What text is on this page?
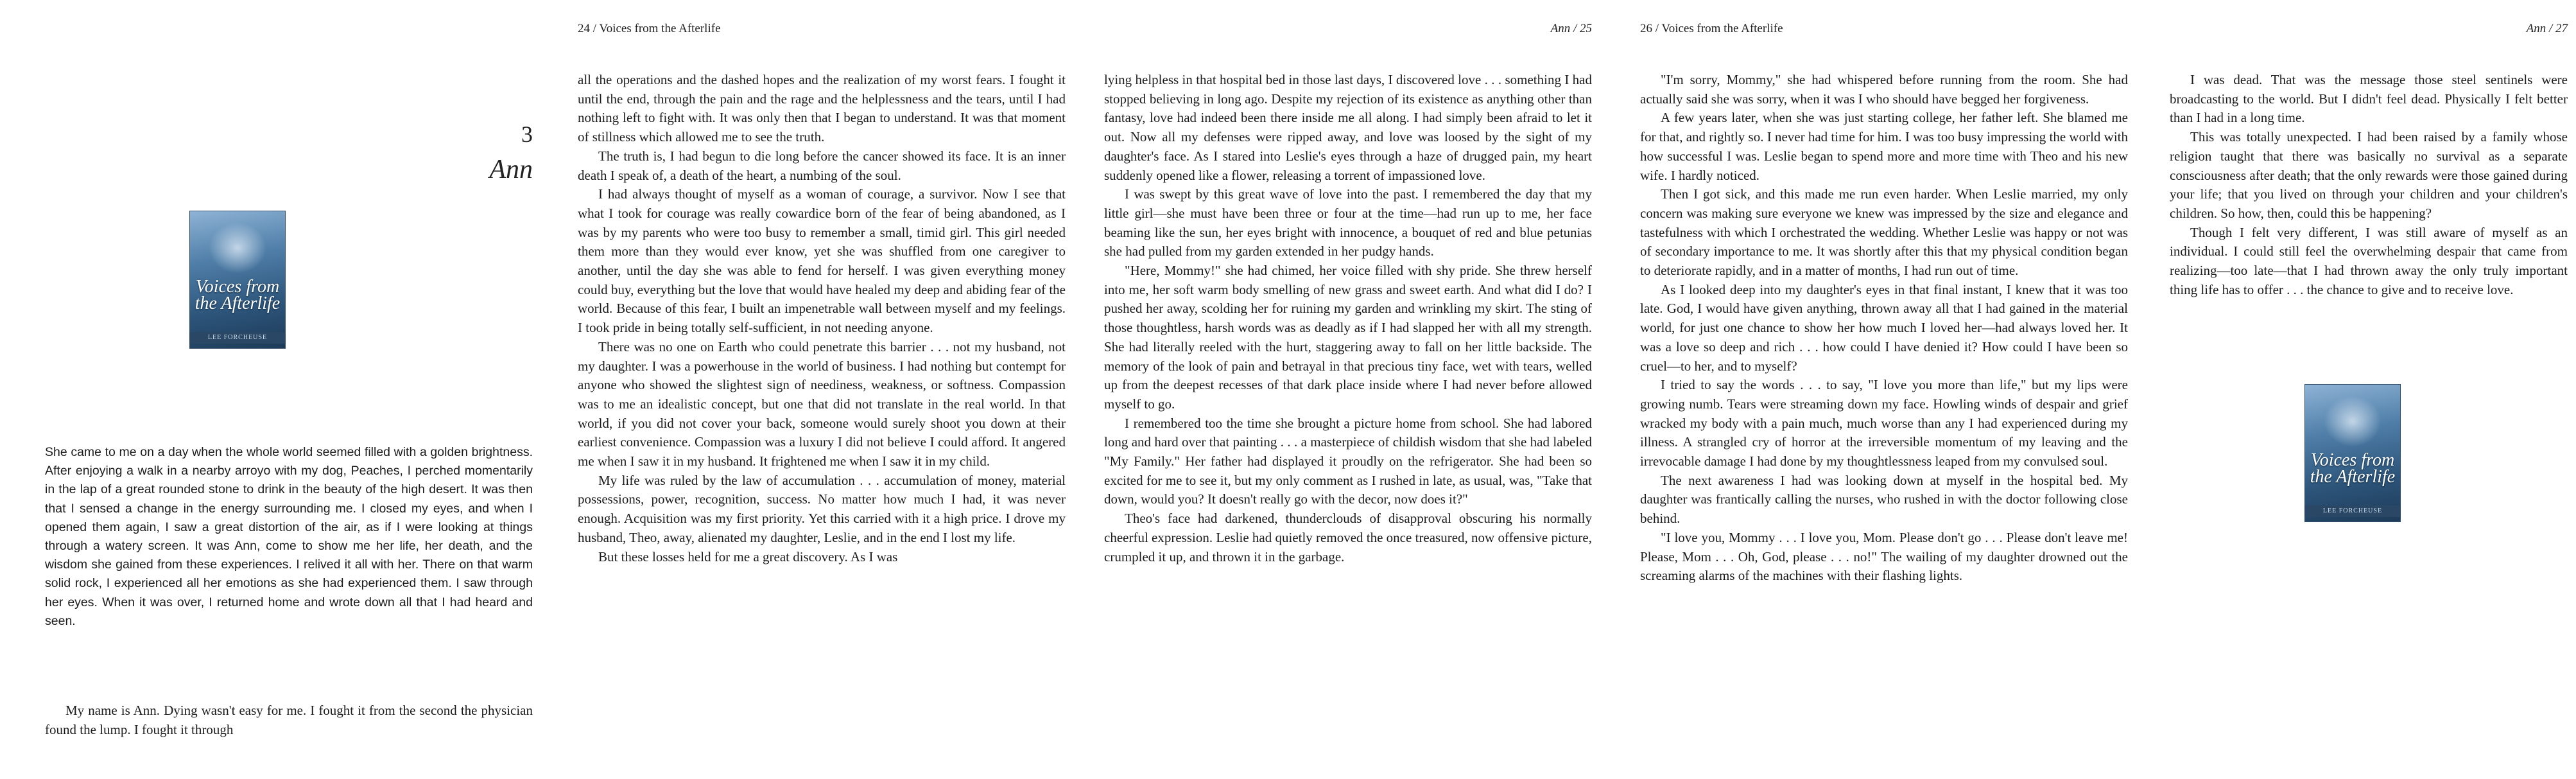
3
Ann
Voices from the Afterlife
LEE FORCHEUSE

She came to me on a day when the whole world seemed filled with a golden brightness. After enjoying a walk in a nearby arroyo with my dog, Peaches, I perched momentarily in the lap of a great rounded stone to drink in the beauty of the high desert. It was then that I sensed a change in the energy surrounding me. I closed my eyes, and when I opened them again, I saw a great distortion of the air, as if I were looking at things through a watery screen. It was Ann, come to show me her life, her death, and the wisdom she gained from these experiences. I relived it all with her. There on that warm solid rock, I experienced all her emotions as she had experienced them. I saw through her eyes. When it was over, I returned home and wrote down all that I had heard and seen.

My name is Ann. Dying wasn't easy for me. I fought it from the second the physician found the lump. I fought it through

24 / Voices from the Afterlife

all the operations and the dashed hopes and the realization of my worst fears. I fought it until the end, through the pain and the rage and the helplessness and the tears, until I had nothing left to fight with. It was only then that I began to understand. It was that moment of stillness which allowed me to see the truth.

The truth is, I had begun to die long before the cancer showed its face. It is an inner death I speak of, a death of the heart, a numbing of the soul.

I had always thought of myself as a woman of courage, a survivor. Now I see that what I took for courage was really cowardice born of the fear of being abandoned, as I was by my parents who were too busy to remember a small, timid girl. This girl needed them more than they would ever know, yet she was shuffled from one caregiver to another, until the day she was able to fend for herself. I was given everything money could buy, everything but the love that would have healed my deep and abiding fear of the world. Because of this fear, I built an impenetrable wall between myself and my feelings. I took pride in being totally self-sufficient, in not needing anyone.

There was no one on Earth who could penetrate this barrier . . . not my husband, not my daughter. I was a powerhouse in the world of business. I had nothing but contempt for anyone who showed the slightest sign of neediness, weakness, or softness. Compassion was to me an idealistic concept, but one that did not translate in the real world. In that world, if you did not cover your back, someone would surely shoot you down at their earliest convenience. Compassion was a luxury I did not believe I could afford. It angered me when I saw it in my husband. It frightened me when I saw it in my child.

My life was ruled by the law of accumulation . . . accumulation of money, material possessions, power, recognition, success. No matter how much I had, it was never enough. Acquisition was my first priority. Yet this carried with it a high price. I drove my husband, Theo, away, alienated my daughter, Leslie, and in the end I lost my life.

But these losses held for me a great discovery. As I was

Ann / 25

lying helpless in that hospital bed in those last days, I discovered love . . . something I had stopped believing in long ago. Despite my rejection of its existence as anything other than fantasy, love had indeed been there inside me all along. I had simply been afraid to let it out. Now all my defenses were ripped away, and love was loosed by the sight of my daughter's face. As I stared into Leslie's eyes through a haze of drugged pain, my heart suddenly opened like a flower, releasing a torrent of impassioned love.

I was swept by this great wave of love into the past. I remembered the day that my little girl—she must have been three or four at the time—had run up to me, her face beaming like the sun, her eyes bright with innocence, a bouquet of red and blue petunias she had pulled from my garden extended in her pudgy hands.

"Here, Mommy!" she had chimed, her voice filled with shy pride. She threw herself into me, her soft warm body smelling of new grass and sweet earth. And what did I do? I pushed her away, scolding her for ruining my garden and wrinkling my skirt. The sting of those thoughtless, harsh words was as deadly as if I had slapped her with all my strength. She had literally reeled with the hurt, staggering away to fall on her little backside. The memory of the look of pain and betrayal in that precious tiny face, wet with tears, welled up from the deepest recesses of that dark place inside where I had never before allowed myself to go.

I remembered too the time she brought a picture home from school. She had labored long and hard over that painting . . . a masterpiece of childish wisdom that she had labeled "My Family." Her father had displayed it proudly on the refrigerator. She had been so excited for me to see it, but my only comment as I rushed in late, as usual, was, "Take that down, would you? It doesn't really go with the decor, now does it?"

Theo's face had darkened, thunderclouds of disapproval obscuring his normally cheerful expression. Leslie had quietly removed the once treasured, now offensive picture, crumpled it up, and thrown it in the garbage.

26 / Voices from the Afterlife

"I'm sorry, Mommy," she had whispered before running from the room. She had actually said she was sorry, when it was I who should have begged her forgiveness.

A few years later, when she was just starting college, her father left. She blamed me for that, and rightly so. I never had time for him. I was too busy impressing the world with how successful I was. Leslie began to spend more and more time with Theo and his new wife. I hardly noticed.

Then I got sick, and this made me run even harder. When Leslie married, my only concern was making sure everyone we knew was impressed by the size and elegance and tastefulness with which I orchestrated the wedding. Whether Leslie was happy or not was of secondary importance to me. It was shortly after this that my physical condition began to deteriorate rapidly, and in a matter of months, I had run out of time.

As I looked deep into my daughter's eyes in that final instant, I knew that it was too late. God, I would have given anything, thrown away all that I had gained in the material world, for just one chance to show her how much I loved her—had always loved her. It was a love so deep and rich . . . how could I have denied it? How could I have been so cruel—to her, and to myself?

I tried to say the words . . . to say, "I love you more than life," but my lips were growing numb. Tears were streaming down my face. Howling winds of despair and grief wracked my body with a pain much, much worse than any I had experienced during my illness. A strangled cry of horror at the irreversible momentum of my leaving and the irrevocable damage I had done by my thoughtlessness leaped from my convulsed soul.

The next awareness I had was looking down at myself in the hospital bed. My daughter was frantically calling the nurses, who rushed in with the doctor following close behind.

"I love you, Mommy . . . I love you, Mom. Please don't go . . . Please don't leave me! Please, Mom . . . Oh, God, please . . . no!" The wailing of my daughter drowned out the screaming alarms of the machines with their flashing lights.

Ann / 27

I was dead. That was the message those steel sentinels were broadcasting to the world. But I didn't feel dead. Physically I felt better than I had in a long time.

This was totally unexpected. I had been raised by a family whose religion taught that there was basically no survival as a separate consciousness after death; that the only rewards were those gained during your life; that you lived on through your children and your children's children. So how, then, could this be happening?

Though I felt very different, I was still aware of myself as an individual. I could still feel the overwhelming despair that came from realizing—too late—that I had thrown away the only truly important thing life has to offer . . . the chance to give and to receive love.

Voices from the Afterlife
LEE FORCHEUSE
